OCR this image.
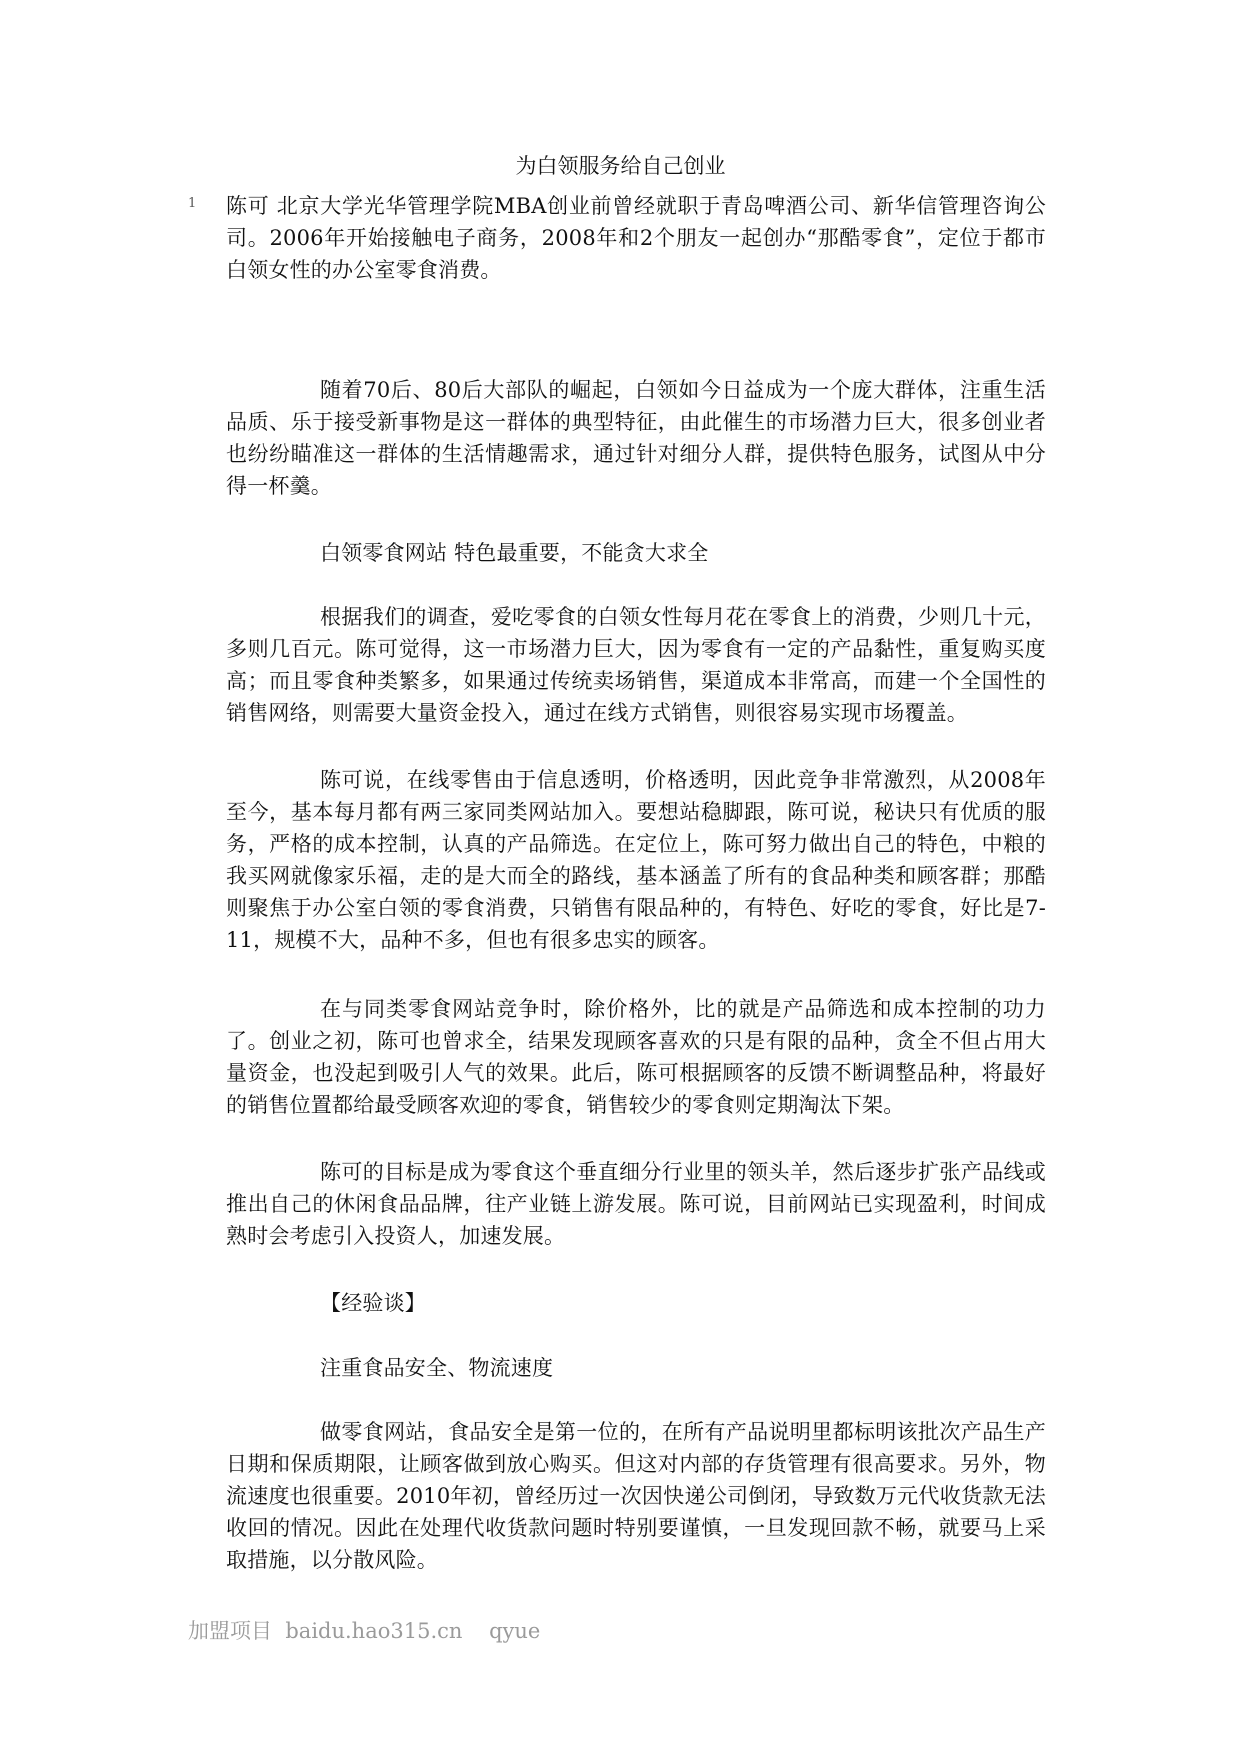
为白领服务给自己创业
1 陈可 北京大学光华管理学院MBA创业前曾经就职于青岛啤酒公司、新华信管理咨询公司。2006年开始接触电子商务，2008年和2个朋友一起创办“那酷零食”，定位于都市白领女性的办公室零食消费。

随着70后、80后大部队的崛起，白领如今日益成为一个庞大群体，注重生活品质、乐于接受新事物是这一群体的典型特征，由此催生的市场潜力巨大，很多创业者也纷纷瞄准这一群体的生活情趣需求，通过针对细分人群，提供特色服务，试图从中分得一杯羹。

白领零食网站 特色最重要，不能贪大求全

根据我们的调查，爱吃零食的白领女性每月花在零食上的消费，少则几十元，多则几百元。陈可觉得，这一市场潜力巨大，因为零食有一定的产品黏性，重复购买度高；而且零食种类繁多，如果通过传统卖场销售，渠道成本非常高，而建一个全国性的销售网络，则需要大量资金投入，通过在线方式销售，则很容易实现市场覆盖。

陈可说，在线零售由于信息透明，价格透明，因此竞争非常激烈，从2008年至今，基本每月都有两三家同类网站加入。要想站稳脚跟，陈可说，秘诀只有优质的服务，严格的成本控制，认真的产品筛选。在定位上，陈可努力做出自己的特色，中粮的我买网就像家乐福，走的是大而全的路线，基本涵盖了所有的食品种类和顾客群；那酷则聚焦于办公室白领的零食消费，只销售有限品种的，有特色、好吃的零食，好比是7-11，规模不大，品种不多，但也有很多忠实的顾客。

在与同类零食网站竞争时，除价格外，比的就是产品筛选和成本控制的功力了。创业之初，陈可也曾求全，结果发现顾客喜欢的只是有限的品种，贪全不但占用大量资金，也没起到吸引人气的效果。此后，陈可根据顾客的反馈不断调整品种，将最好的销售位置都给最受顾客欢迎的零食，销售较少的零食则定期淘汰下架。

陈可的目标是成为零食这个垂直细分行业里的领头羊，然后逐步扩张产品线或推出自己的休闲食品品牌，往产业链上游发展。陈可说，目前网站已实现盈利，时间成熟时会考虑引入投资人，加速发展。

【经验谈】

注重食品安全、物流速度

做零食网站，食品安全是第一位的，在所有产品说明里都标明该批次产品生产日期和保质期限，让顾客做到放心购买。但这对内部的存货管理有很高要求。另外，物流速度也很重要。2010年初，曾经历过一次因快递公司倒闭，导致数万元代收货款无法收回的情况。因此在处理代收货款问题时特别要谨慎，一旦发现回款不畅，就要马上采取措施，以分散风险。

加盟项目  baidu.hao315.cn    qyue
